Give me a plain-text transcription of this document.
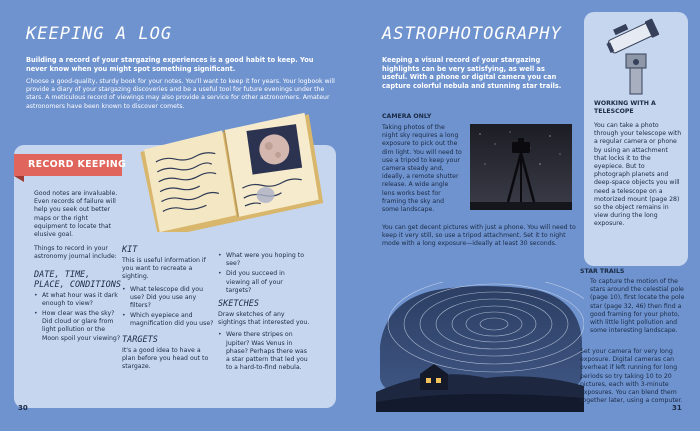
KEEPING A LOG
Building a record of your stargazing experiences is a good habit to keep. You never know when you might spot something significant.
Choose a good-quality, sturdy book for your notes. You'll want to keep it for years. Your logbook will provide a diary of your stargazing discoveries and be a useful tool for future evenings under the stars. A meticulous record of viewings may also provide a service for other astronomers. Amateur astronomers have been known to discover comets.
RECORD KEEPING
Good notes are invaluable. Even records of failure will help you seek out better maps or the right equipment to locate that elusive goal.
Things to record in your astronomy journal include:
DATE, TIME, PLACE, CONDITIONS
• At what hour was it dark enough to view?
• How clear was the sky? Did cloud or glare from light pollution or the Moon spoil your viewing?
KIT
This is useful information if you want to recreate a sighting.
• What telescope did you use? Did you use any filters?
• Which eyepiece and magnification did you use?
TARGETS
It's a good idea to have a plan before you head out to stargaze.
• What were you hoping to see?
• Did you succeed in viewing all of your targets?
SKETCHES
Draw sketches of any sightings that interested you.
• Were there stripes on Jupiter? Was Venus in phase? Perhaps there was a star pattern that led you to a hard-to-find nebula.
30
ASTROPHOTOGRAPHY
Keeping a visual record of your stargazing highlights can be very satisfying, as well as useful. With a phone or digital camera you can capture colorful nebula and stunning star trails.
WORKING WITH A TELESCOPE
You can take a photo through your telescope with a regular camera or phone by using an attachment that locks it to the eyepiece. But to photograph planets and deep-space objects you will need a telescope on a motorized mount (page 28) so the object remains in view during the long exposure.
CAMERA ONLY
Taking photos of the night sky requires a long exposure to pick out the dim light. You will need to use a tripod to keep your camera steady and, ideally, a remote shutter release. A wide angle lens works best for framing the sky and some landscape.
You can get decent pictures with just a phone. You will need to keep it very still, so use a tripod attachment. Set it to night mode with a long exposure—ideally at least 30 seconds.
STAR TRAILS
To capture the motion of the stars around the celestial pole (page 10), first locate the pole star (page 32, 46) then find a good framing for your photo, with little light pollution and some interesting landscape.
Set your camera for very long exposure. Digital cameras can overheat if left running for long periods so try taking 10 to 20 pictures, each with 3-minute exposures. You can blend them together later, using a computer.
31
